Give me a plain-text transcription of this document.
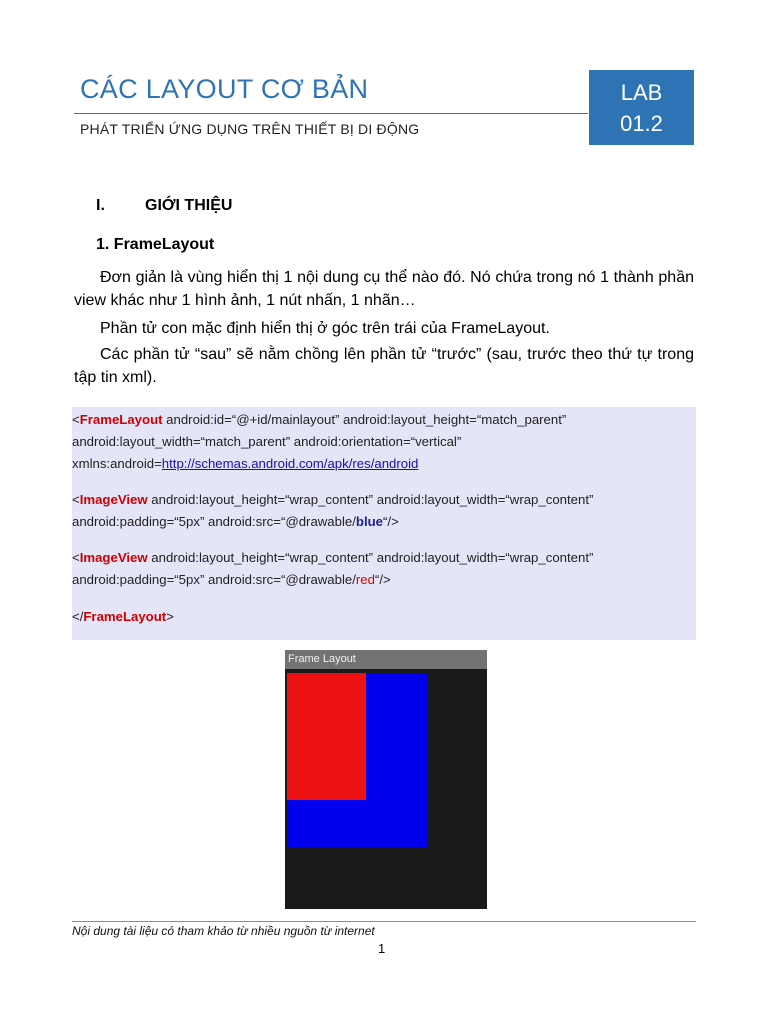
CÁC LAYOUT CƠ BẢN
PHÁT TRIỂN ỨNG DỤNG TRÊN THIẾT BỊ DI ĐỘNG
LAB
01.2
I.	GIỚI THIỆU
1. FrameLayout
Đơn giản là vùng hiển thị 1 nội dung cụ thể nào đó. Nó chứa trong nó 1 thành phần view khác như 1 hình ảnh, 1 nút nhấn, 1 nhãn…
Phần tử con mặc định hiển thị ở góc trên trái của FrameLayout.
Các phần tử “sau” sẽ nằm chồng lên phần tử “trước” (sau, trước theo thứ tự trong tập tin xml).
<FrameLayout android:id=“@+id/mainlayout” android:layout_height=“match_parent”
android:layout_width=“match_parent” android:orientation=“vertical”
xmlns:android=http://schemas.android.com/apk/res/android
<ImageView android:layout_height=“wrap_content” android:layout_width=“wrap_content”
android:padding=“5px” android:src=“@drawable/blue“/>
<ImageView android:layout_height=“wrap_content” android:layout_width=“wrap_content”
android:padding=“5px” android:src=“@drawable/red“/>
</FrameLayout>
Frame Layout
Nội dung tài liệu có tham khảo từ nhiều nguồn từ internet
1
